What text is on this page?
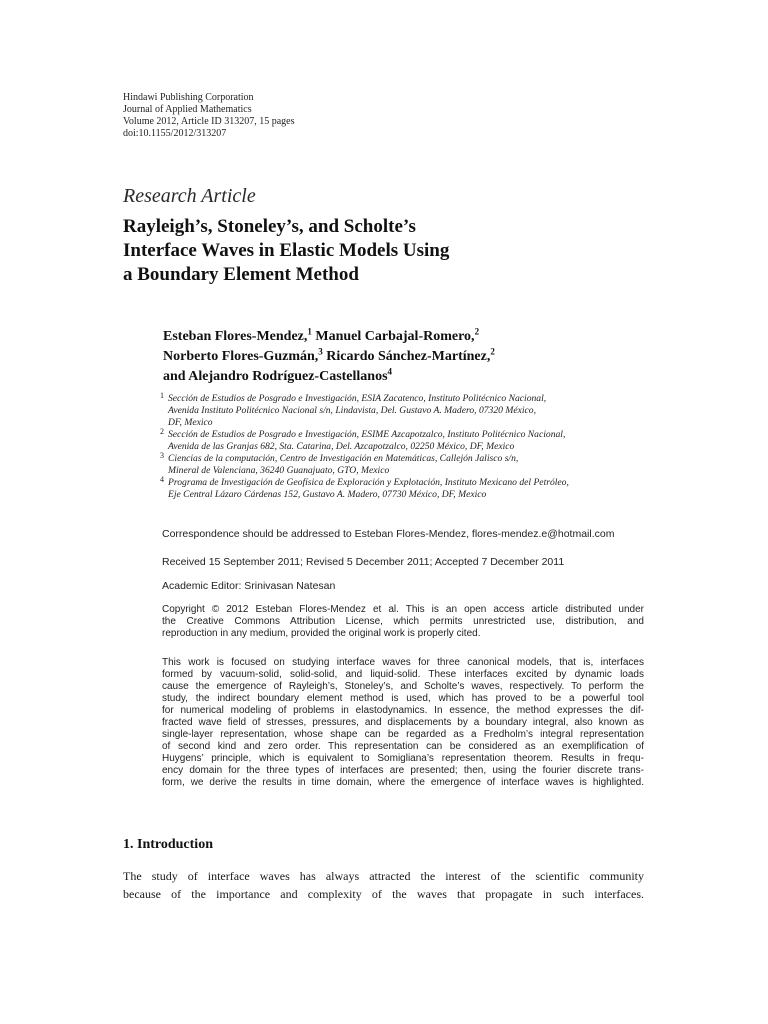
Hindawi Publishing Corporation
Journal of Applied Mathematics
Volume 2012, Article ID 313207, 15 pages
doi:10.1155/2012/313207
Research Article
Rayleigh’s, Stoneley’s, and Scholte’s
Interface Waves in Elastic Models Using
a Boundary Element Method
Esteban Flores-Mendez,$^1$ Manuel Carbajal-Romero,$^2$
Norberto Flores-Guzmán,$^3$ Ricardo Sánchez-Martínez,$^2$
and Alejandro Rodríguez-Castellanos$^4$
1 Sección de Estudios de Posgrado e Investigación, ESIA Zacatenco, Instituto Politécnico Nacional,
Avenida Instituto Politécnico Nacional s/n, Lindavista, Del. Gustavo A. Madero, 07320 México,
DF, Mexico
2 Sección de Estudios de Posgrado e Investigación, ESIME Azcapotzalco, Instituto Politécnico Nacional,
Avenida de las Granjas 682, Sta. Catarina, Del. Azcapotzalco, 02250 México, DF, Mexico
3 Ciencias de la computación, Centro de Investigación en Matemáticas, Callejón Jalisco s/n,
Mineral de Valenciana, 36240 Guanajuato, GTO, Mexico
4 Programa de Investigación de Geofísica de Exploración y Explotación, Instituto Mexicano del Petróleo,
Eje Central Lázaro Cárdenas 152, Gustavo A. Madero, 07730 México, DF, Mexico
Correspondence should be addressed to Esteban Flores-Mendez, flores-mendez.e@hotmail.com
Received 15 September 2011; Revised 5 December 2011; Accepted 7 December 2011
Academic Editor: Srinivasan Natesan
Copyright © 2012 Esteban Flores-Mendez et al. This is an open access article distributed under
the Creative Commons Attribution License, which permits unrestricted use, distribution, and
reproduction in any medium, provided the original work is properly cited.
This work is focused on studying interface waves for three canonical models, that is, interfaces
formed by vacuum-solid, solid-solid, and liquid-solid. These interfaces excited by dynamic loads
cause the emergence of Rayleigh’s, Stoneley’s, and Scholte’s waves, respectively. To perform the
study, the indirect boundary element method is used, which has proved to be a powerful tool
for numerical modeling of problems in elastodynamics. In essence, the method expresses the dif-
fracted wave field of stresses, pressures, and displacements by a boundary integral, also known as
single-layer representation, whose shape can be regarded as a Fredholm’s integral representation
of second kind and zero order. This representation can be considered as an exemplification of
Huygens’ principle, which is equivalent to Somigliana’s representation theorem. Results in frequ-
ency domain for the three types of interfaces are presented; then, using the fourier discrete trans-
form, we derive the results in time domain, where the emergence of interface waves is highlighted.
1. Introduction
The study of interface waves has always attracted the interest of the scientific community
because of the importance and complexity of the waves that propagate in such interfaces.
